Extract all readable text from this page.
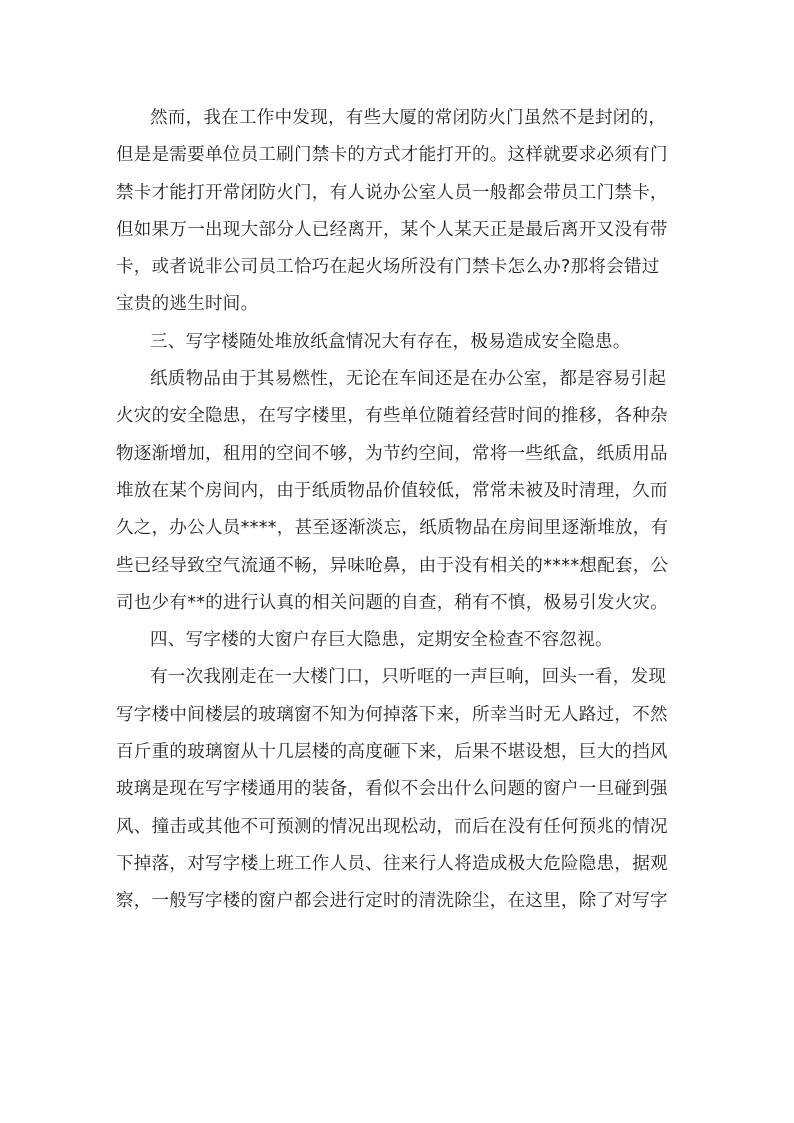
然而，我在工作中发现，有些大厦的常闭防火门虽然不是封闭的，
但是是需要单位员工刷门禁卡的方式才能打开的。这样就要求必须有门
禁卡才能打开常闭防火门，有人说办公室人员一般都会带员工门禁卡，
但如果万一出现大部分人已经离开，某个人某天正是最后离开又没有带
卡，或者说非公司员工恰巧在起火场所没有门禁卡怎么办?那将会错过
宝贵的逃生时间。
三、写字楼随处堆放纸盒情况大有存在，极易造成安全隐患。
纸质物品由于其易燃性，无论在车间还是在办公室，都是容易引起
火灾的安全隐患，在写字楼里，有些单位随着经营时间的推移，各种杂
物逐渐增加，租用的空间不够，为节约空间，常将一些纸盒，纸质用品
堆放在某个房间内，由于纸质物品价值较低，常常未被及时清理，久而
久之，办公人员****，甚至逐渐淡忘，纸质物品在房间里逐渐堆放，有
些已经导致空气流通不畅，异味呛鼻，由于没有相关的****想配套，公
司也少有**的进行认真的相关问题的自查，稍有不慎，极易引发火灾。
四、写字楼的大窗户存巨大隐患，定期安全检查不容忽视。
有一次我刚走在一大楼门口，只听哐的一声巨响，回头一看，发现
写字楼中间楼层的玻璃窗不知为何掉落下来，所幸当时无人路过，不然
百斤重的玻璃窗从十几层楼的高度砸下来，后果不堪设想，巨大的挡风
玻璃是现在写字楼通用的装备，看似不会出什么问题的窗户一旦碰到强
风、撞击或其他不可预测的情况出现松动，而后在没有任何预兆的情况
下掉落，对写字楼上班工作人员、往来行人将造成极大危险隐患，据观
察，一般写字楼的窗户都会进行定时的清洗除尘，在这里，除了对写字
